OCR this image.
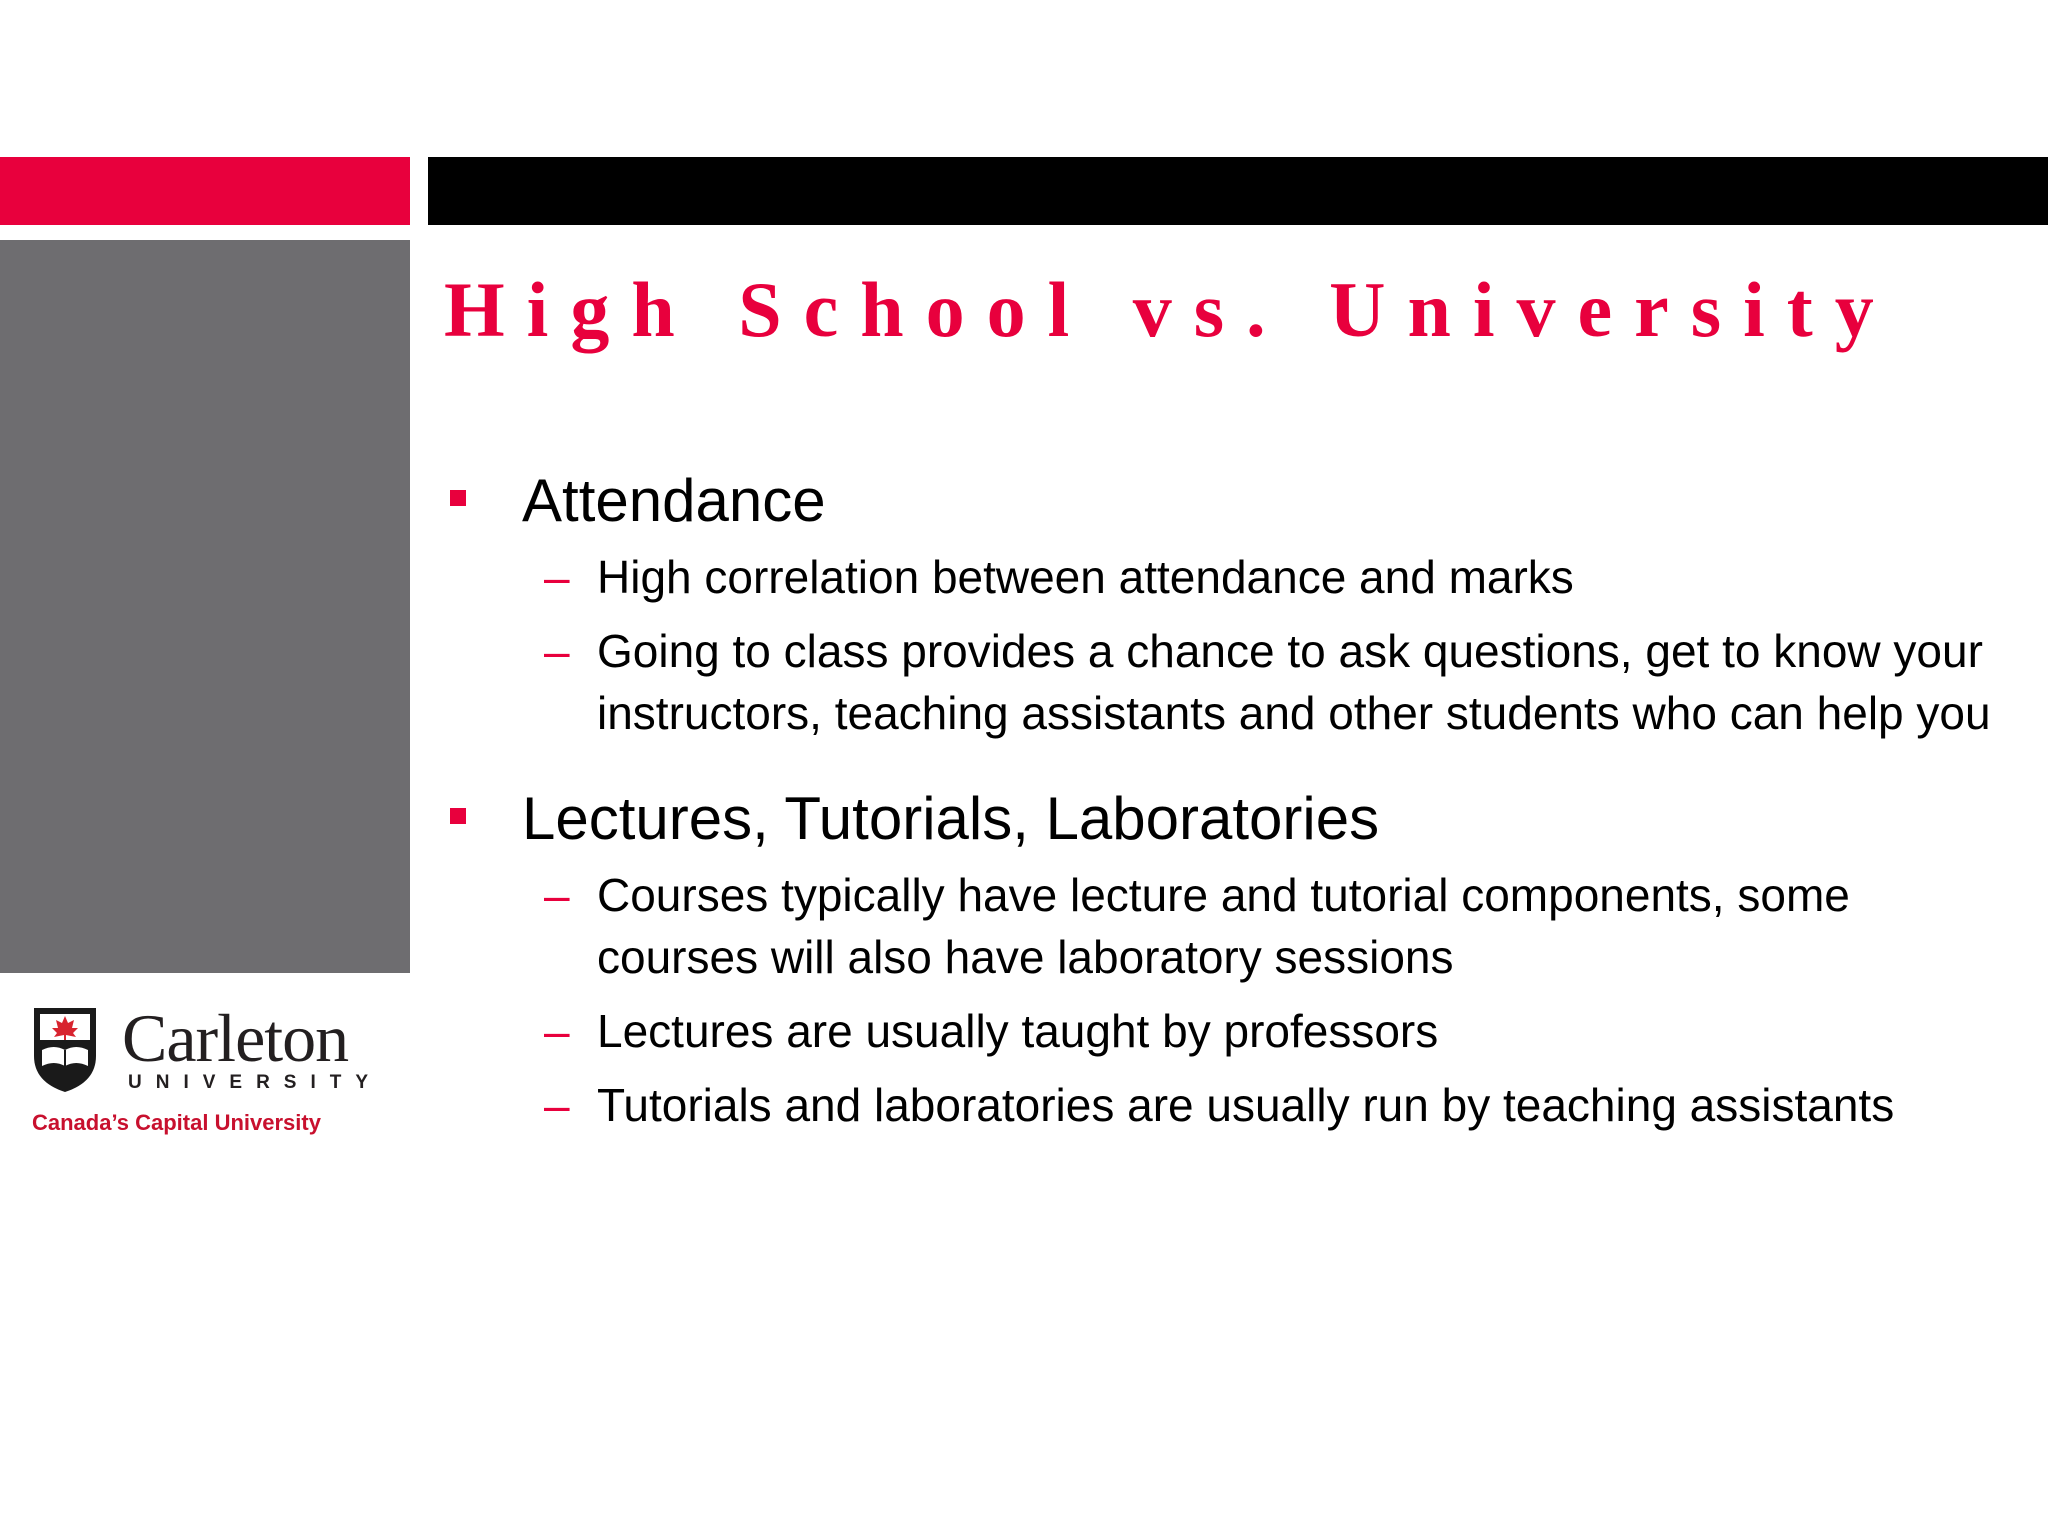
High School vs. University
Attendance
– High correlation between attendance and marks
– Going to class provides a chance to ask questions, get to know your instructors, teaching assistants and other students who can help you
Lectures, Tutorials, Laboratories
– Courses typically have lecture and tutorial components, some courses will also have laboratory sessions
– Lectures are usually taught by professors
– Tutorials and laboratories are usually run by teaching assistants
Carleton
UNIVERSITY
Canada’s Capital University
